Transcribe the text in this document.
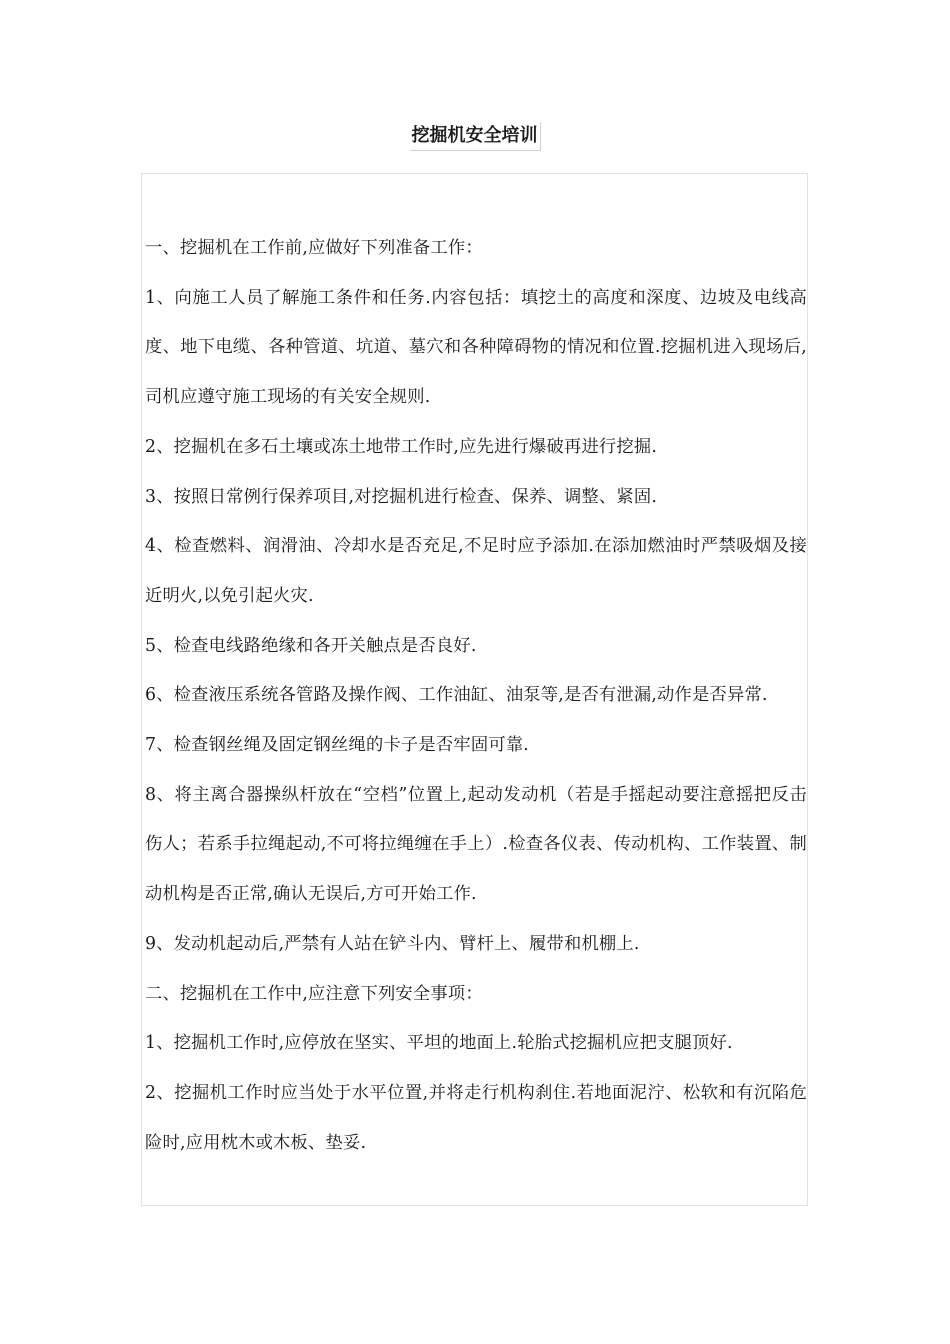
挖掘机安全培训

一、挖掘机在工作前,应做好下列准备工作：

1、向施工人员了解施工条件和任务.内容包括：填挖土的高度和深度、边坡及电线高度、地下电缆、各种管道、坑道、墓穴和各种障碍物的情况和位置.挖掘机进入现场后,司机应遵守施工现场的有关安全规则.

2、挖掘机在多石土壤或冻土地带工作时,应先进行爆破再进行挖掘.

3、按照日常例行保养项目,对挖掘机进行检查、保养、调整、紧固.

4、检查燃料、润滑油、冷却水是否充足,不足时应予添加.在添加燃油时严禁吸烟及接近明火,以免引起火灾.

5、检查电线路绝缘和各开关触点是否良好.

6、检查液压系统各管路及操作阀、工作油缸、油泵等,是否有泄漏,动作是否异常.

7、检查钢丝绳及固定钢丝绳的卡子是否牢固可靠.

8、将主离合器操纵杆放在“空档”位置上,起动发动机（若是手摇起动要注意摇把反击伤人；若系手拉绳起动,不可将拉绳缠在手上）.检查各仪表、传动机构、工作装置、制动机构是否正常,确认无误后,方可开始工作.

9、发动机起动后,严禁有人站在铲斗内、臂杆上、履带和机棚上.

二、挖掘机在工作中,应注意下列安全事项：

1、挖掘机工作时,应停放在坚实、平坦的地面上.轮胎式挖掘机应把支腿顶好.

2、挖掘机工作时应当处于水平位置,并将走行机构刹住.若地面泥泞、松软和有沉陷危险时,应用枕木或木板、垫妥.
